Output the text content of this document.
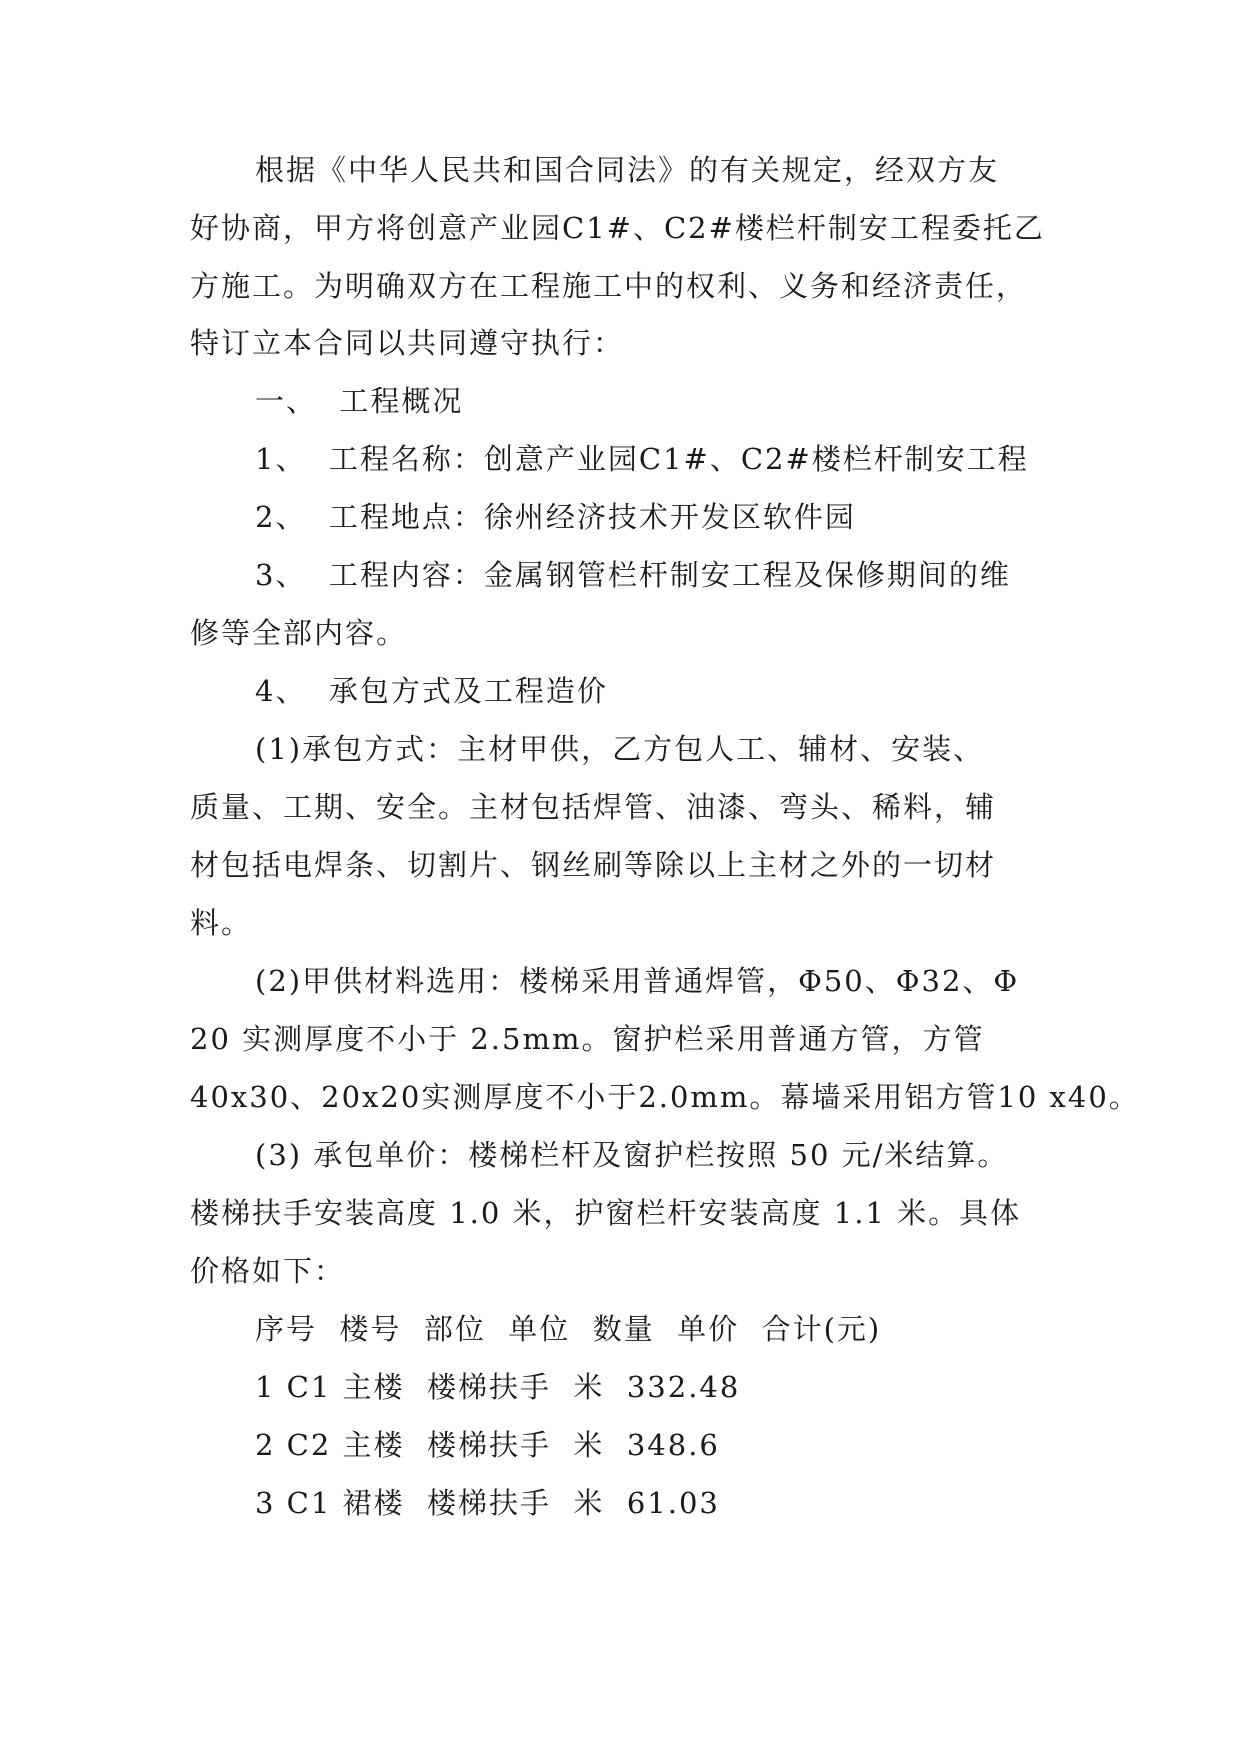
根据《中华人民共和国合同法》的有关规定，经双方友
好协商，甲方将创意产业园C1#、C2#楼栏杆制安工程委托乙
方施工。为明确双方在工程施工中的权利、义务和经济责任，
特订立本合同以共同遵守执行：
一、  工程概况
1、  工程名称：创意产业园C1#、C2#楼栏杆制安工程
2、  工程地点：徐州经济技术开发区软件园
3、  工程内容：金属钢管栏杆制安工程及保修期间的维
修等全部内容。
4、  承包方式及工程造价
(1)承包方式：主材甲供，乙方包人工、辅材、安装、
质量、工期、安全。主材包括焊管、油漆、弯头、稀料，辅
材包括电焊条、切割片、钢丝刷等除以上主材之外的一切材
料。
(2)甲供材料选用：楼梯采用普通焊管，Φ50、Φ32、Φ
20 实测厚度不小于 2.5mm。窗护栏采用普通方管，方管
40x30、20x20实测厚度不小于2.0mm。幕墙采用铝方管10 x40。
(3) 承包单价：楼梯栏杆及窗护栏按照 50 元/米结算。
楼梯扶手安装高度 1.0 米，护窗栏杆安装高度 1.1 米。具体
价格如下：
序号  楼号  部位  单位  数量  单价  合计(元)
1 C1 主楼  楼梯扶手  米  332.48
2 C2 主楼  楼梯扶手  米  348.6
3 C1 裙楼  楼梯扶手  米  61.03
